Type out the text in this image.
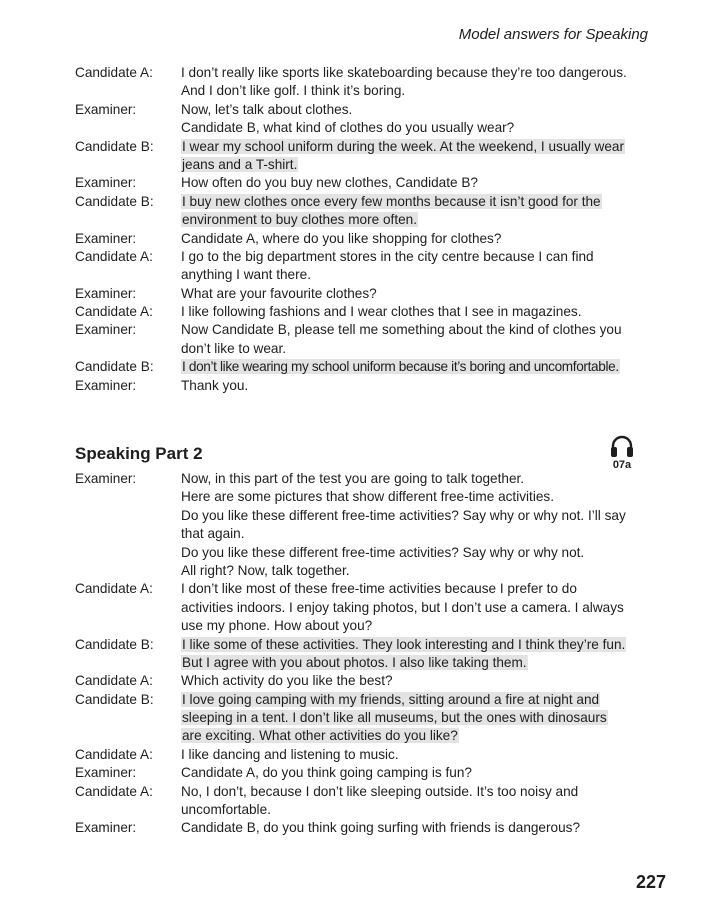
Model answers for Speaking
Candidate A:	I don’t really like sports like skateboarding because they’re too dangerous.
And I don’t like golf. I think it’s boring.
Examiner:	Now, let’s talk about clothes.
Candidate B, what kind of clothes do you usually wear?
Candidate B:	I wear my school uniform during the week. At the weekend, I usually wear
jeans and a T-shirt.
Examiner:	How often do you buy new clothes, Candidate B?
Candidate B:	I buy new clothes once every few months because it isn’t good for the
environment to buy clothes more often.
Examiner:	Candidate A, where do you like shopping for clothes?
Candidate A:	I go to the big department stores in the city centre because I can find
anything I want there.
Examiner:	What are your favourite clothes?
Candidate A:	I like following fashions and I wear clothes that I see in magazines.
Examiner:	Now Candidate B, please tell me something about the kind of clothes you
don’t like to wear.
Candidate B:	I don’t like wearing my school uniform because it’s boring and uncomfortable.
Examiner:	Thank you.
Speaking Part 2
07a
Examiner:	Now, in this part of the test you are going to talk together.
Here are some pictures that show different free-time activities.
Do you like these different free-time activities? Say why or why not. I’ll say
that again.
Do you like these different free-time activities? Say why or why not.
All right? Now, talk together.
Candidate A:	I don’t like most of these free-time activities because I prefer to do
activities indoors. I enjoy taking photos, but I don’t use a camera. I always
use my phone. How about you?
Candidate B:	I like some of these activities. They look interesting and I think they’re fun.
But I agree with you about photos. I also like taking them.
Candidate A:	Which activity do you like the best?
Candidate B:	I love going camping with my friends, sitting around a fire at night and
sleeping in a tent. I don’t like all museums, but the ones with dinosaurs
are exciting. What other activities do you like?
Candidate A:	I like dancing and listening to music.
Examiner:	Candidate A, do you think going camping is fun?
Candidate A:	No, I don’t, because I don’t like sleeping outside. It’s too noisy and
uncomfortable.
Examiner:	Candidate B, do you think going surfing with friends is dangerous?
227
